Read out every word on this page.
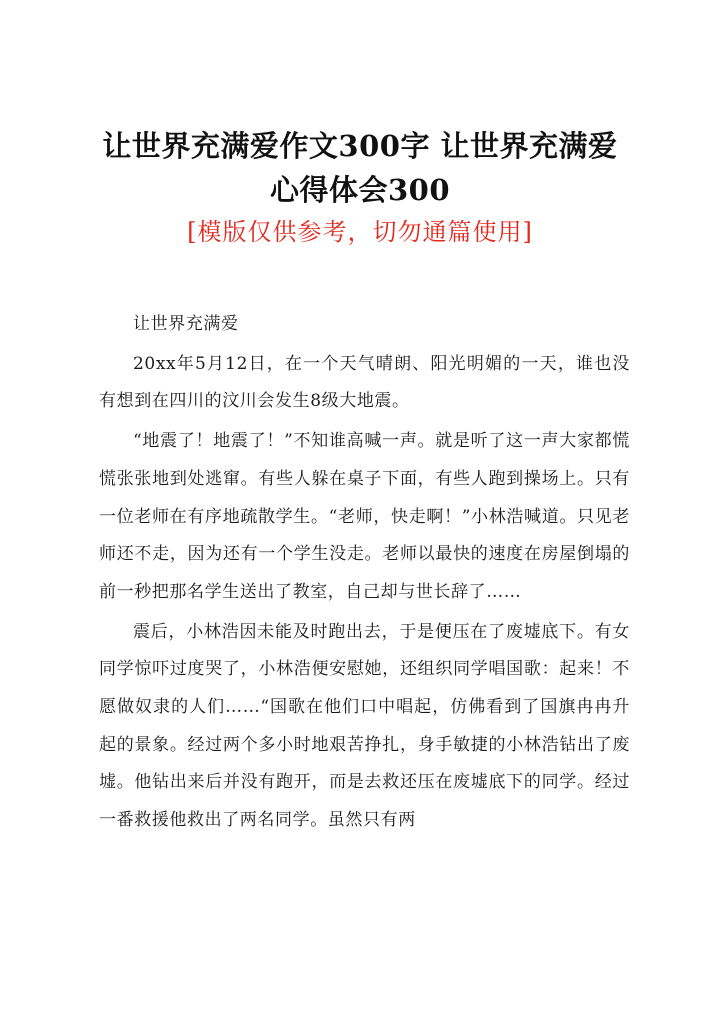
让世界充满爱作文300字 让世界充满爱心得体会300
[模版仅供参考，切勿通篇使用]

让世界充满爱

20xx年5月12日，在一个天气晴朗、阳光明媚的一天，谁也没有想到在四川的汶川会发生8级大地震。

“地震了！地震了！”不知谁高喊一声。就是听了这一声大家都慌慌张张地到处逃窜。有些人躲在桌子下面，有些人跑到操场上。只有一位老师在有序地疏散学生。“老师，快走啊！”小林浩喊道。只见老师还不走，因为还有一个学生没走。老师以最快的速度在房屋倒塌的前一秒把那名学生送出了教室，自己却与世长辞了……

震后，小林浩因未能及时跑出去，于是便压在了废墟底下。有女同学惊吓过度哭了，小林浩便安慰她，还组织同学唱国歌：起来！不愿做奴隶的人们……“国歌在他们口中唱起，仿佛看到了国旗冉冉升起的景象。经过两个多小时地艰苦挣扎，身手敏捷的小林浩钻出了废墟。他钻出来后并没有跑开，而是去救还压在废墟底下的同学。经过一番救援他救出了两名同学。虽然只有两
